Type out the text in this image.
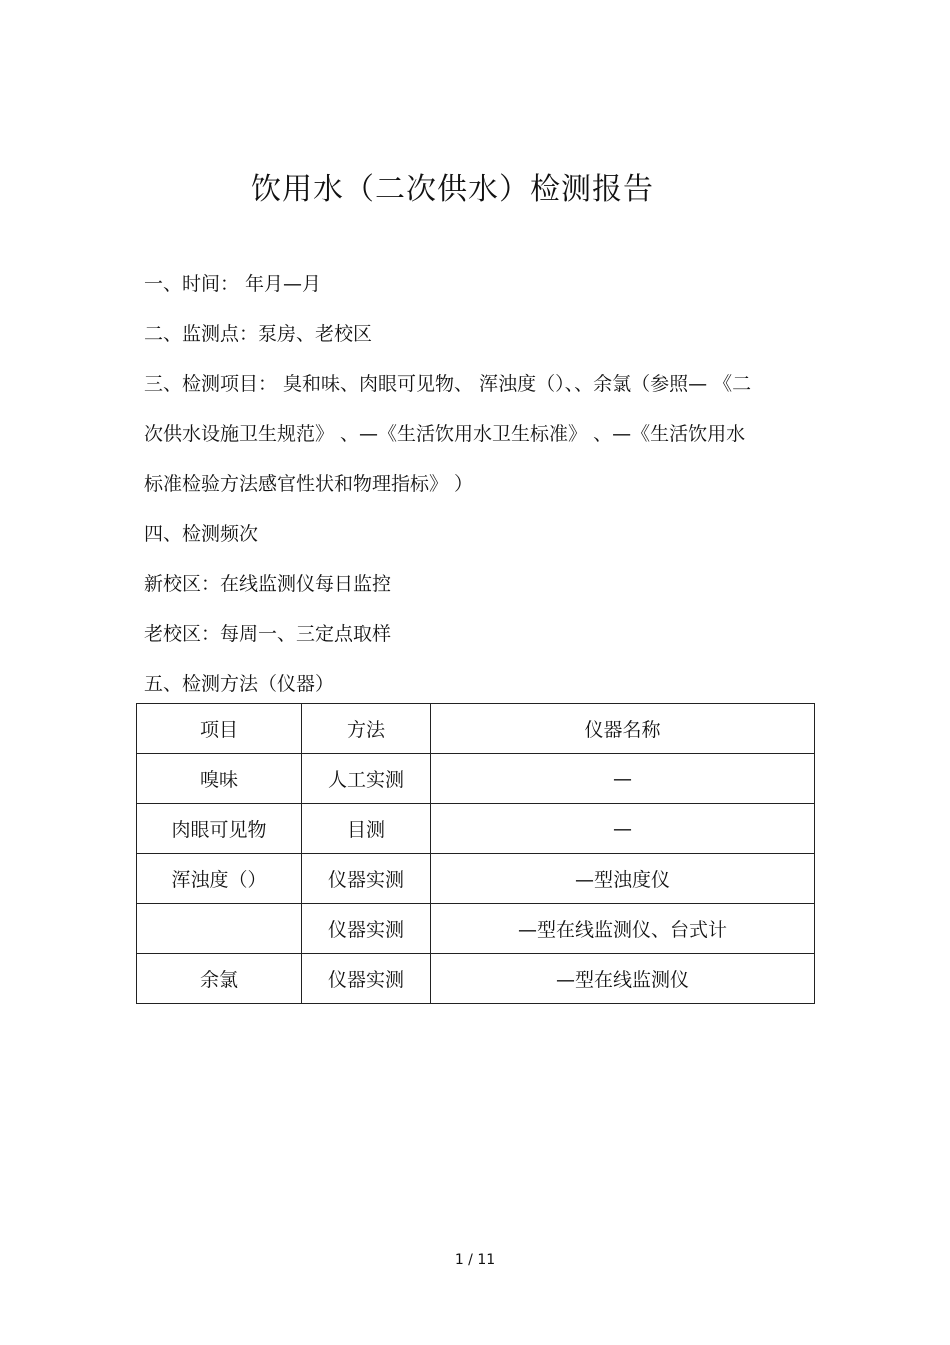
饮用水（二次供水）检测报告
一、时间： 年月—月
二、监测点：泵房、老校区
三、检测项目： 臭和味、肉眼可见物、 浑浊度（）、、余氯（参照— 《二
次供水设施卫生规范》 、—《生活饮用水卫生标准》 、—《生活饮用水
标准检验方法感官性状和物理指标》 ）
四、检测频次
新校区：在线监测仪每日监控
老校区：每周一、三定点取样
五、检测方法（仪器）
项目	方法	仪器名称
嗅味	人工实测	—
肉眼可见物	目测	—
浑浊度（）	仪器实测	—型浊度仪
	仪器实测	—型在线监测仪、台式计
余氯	仪器实测	—型在线监测仪
1 / 11
